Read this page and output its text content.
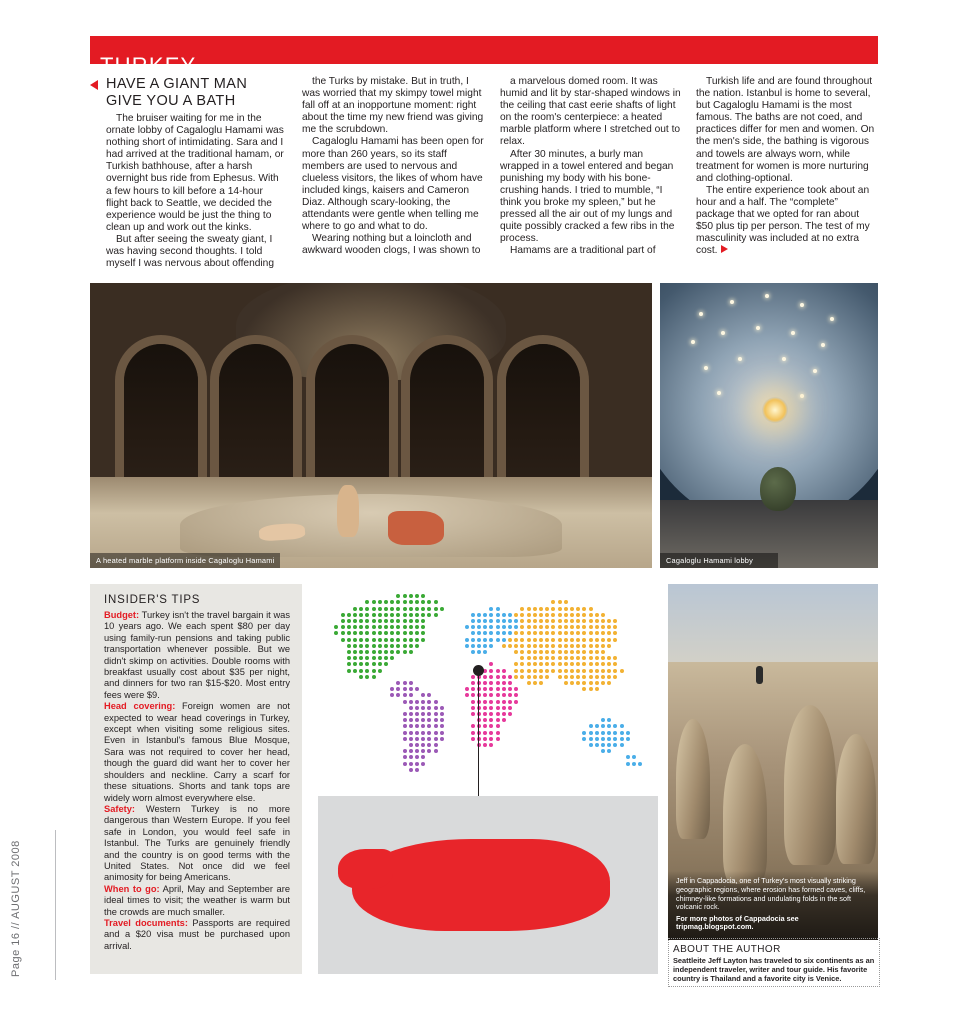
Page 16 // AUGUST 2008
TURKEY
HAVE A GIANT MAN
GIVE YOU A BATH

The bruiser waiting for me in the ornate lobby of Cagaloglu Hamami was nothing short of intimidating. Sara and I had arrived at the traditional hamam, or Turkish bathhouse, after a harsh overnight bus ride from Ephesus. With a few hours to kill before a 14-hour flight back to Seattle, we decided the experience would be just the thing to clean up and work out the kinks.

But after seeing the sweaty giant, I was having second thoughts. I told myself I was nervous about offending

the Turks by mistake. But in truth, I was worried that my skimpy towel might fall off at an inopportune moment: right about the time my new friend was giving me the scrubdown.

Cagaloglu Hamami has been open for more than 260 years, so its staff members are used to nervous and clueless visitors, the likes of whom have included kings, kaisers and Cameron Diaz. Although scary-looking, the attendants were gentle when telling me where to go and what to do.

Wearing nothing but a loincloth and awkward wooden clogs, I was shown to

a marvelous domed room. It was humid and lit by star-shaped windows in the ceiling that cast eerie shafts of light on the room's centerpiece: a heated marble platform where I stretched out to relax.

After 30 minutes, a burly man wrapped in a towel entered and began punishing my body with his bone-crushing hands. I tried to mumble, “I think you broke my spleen,” but he pressed all the air out of my lungs and quite possibly cracked a few ribs in the process.

Hamams are a traditional part of

Turkish life and are found throughout the nation. Istanbul is home to several, but Cagaloglu Hamami is the most famous. The baths are not coed, and practices differ for men and women. On the men's side, the bathing is vigorous and towels are always worn, while treatment for women is more nurturing and clothing-optional.

The entire experience took about an hour and a half. The “complete” package that we opted for ran about $50 plus tip per person. The test of my masculinity was included at no extra cost.

A heated marble platform inside Cagaloglu Hamami	Cagaloglu Hamami lobby
INSIDER'S TIPS

Budget: Turkey isn't the travel bargain it was 10 years ago. We each spent $80 per day using family-run pensions and taking public transportation whenever possible. But we didn't skimp on activities. Double rooms with breakfast usually cost about $35 per night, and dinners for two ran $15-$20. Most entry fees were $9.

Head covering: Foreign women are not expected to wear head coverings in Turkey, except when visiting some religious sites. Even in Istanbul's famous Blue Mosque, Sara was not required to cover her head, though the guard did want her to cover her shoulders and neckline. Carry a scarf for these situations. Shorts and tank tops are widely worn almost everywhere else.

Safety: Western Turkey is no more dangerous than Western Europe. If you feel safe in London, you would feel safe in Istanbul. The Turks are genuinely friendly and the country is on good terms with the United States. Not once did we feel animosity for being Americans.

When to go: April, May and September are ideal times to visit; the weather is warm but the crowds are much smaller.

Travel documents: Passports are required and a $20 visa must be purchased upon arrival.

Jeff in Cappadocia, one of Turkey's most visually striking geographic regions, where erosion has formed caves, cliffs, chimney-like formations and undulating folds in the soft volcanic rock.
For more photos of Cappadocia see
tripmag.blogspot.com.
ABOUT THE AUTHOR

Seattleite Jeff Layton has traveled to six continents as an independent traveler, writer and tour guide. His favorite country is Thailand and a favorite city is Venice.
